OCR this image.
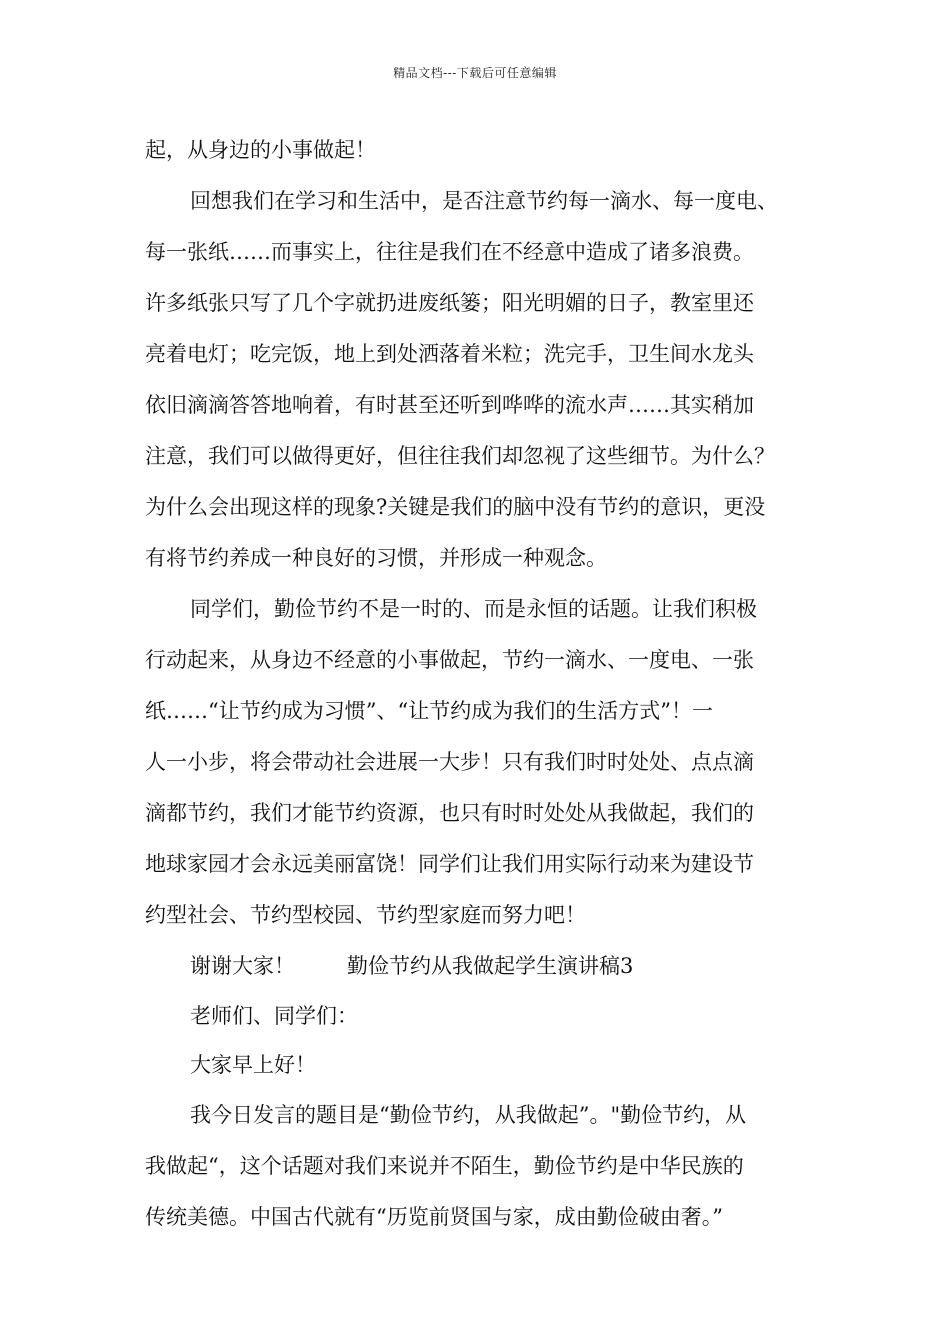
精品文档---下载后可任意编辑
起，从身边的小事做起！
回想我们在学习和生活中，是否注意节约每一滴水、每一度电、
每一张纸……而事实上，往往是我们在不经意中造成了诸多浪费。
许多纸张只写了几个字就扔进废纸篓；阳光明媚的日子，教室里还
亮着电灯；吃完饭，地上到处洒落着米粒；洗完手，卫生间水龙头
依旧滴滴答答地响着，有时甚至还听到哗哗的流水声……其实稍加
注意，我们可以做得更好，但往往我们却忽视了这些细节。为什么？
为什么会出现这样的现象?关键是我们的脑中没有节约的意识，更没
有将节约养成一种良好的习惯，并形成一种观念。
同学们，勤俭节约不是一时的、而是永恒的话题。让我们积极
行动起来，从身边不经意的小事做起，节约一滴水、一度电、一张
纸……“让节约成为习惯”、“让节约成为我们的生活方式”！一
人一小步，将会带动社会进展一大步！只有我们时时处处、点点滴
滴都节约，我们才能节约资源，也只有时时处处从我做起，我们的
地球家园才会永远美丽富饶！同学们让我们用实际行动来为建设节
约型社会、节约型校园、节约型家庭而努力吧！
谢谢大家！ 勤俭节约从我做起学生演讲稿3
老师们、同学们：
大家早上好！
我今日发言的题目是“勤俭节约，从我做起”。"勤俭节约，从
我做起“，这个话题对我们来说并不陌生，勤俭节约是中华民族的
传统美德。中国古代就有“历览前贤国与家，成由勤俭破由奢。”
